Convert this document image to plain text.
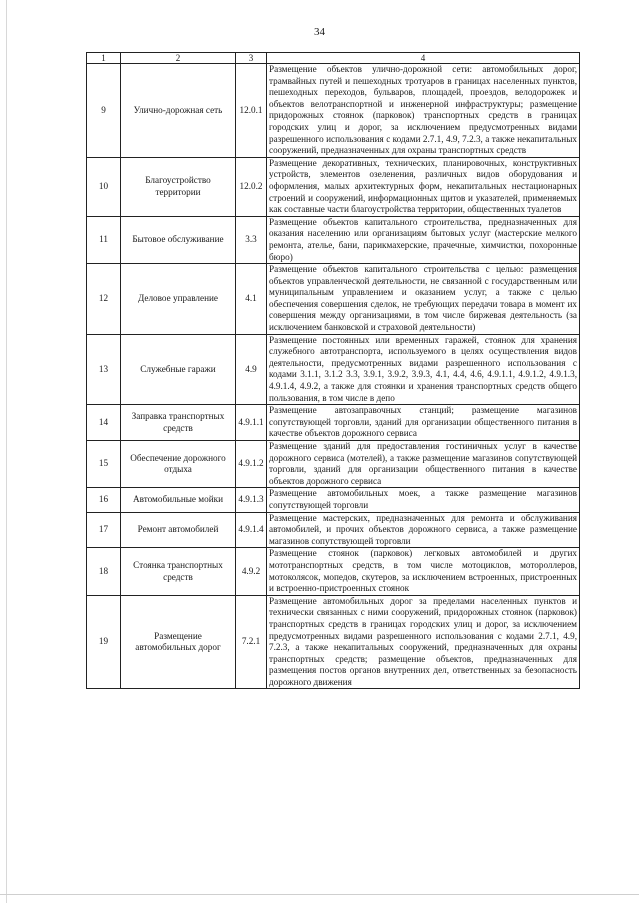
34
1	2	3	4
9	Улично-дорожная сеть	12.0.1	Размещение объектов улично-дорожной сети: автомобильных дорог, трамвайных путей и пешеходных тротуаров в границах населенных пунктов, пешеходных переходов, бульваров, площадей, проездов, велодорожек и объектов велотранспортной и инженерной инфраструктуры; размещение придорожных стоянок (парковок) транспортных средств в границах городских улиц и дорог, за исключением предусмотренных видами разрешенного использования с кодами 2.7.1, 4.9, 7.2.3, а также некапитальных сооружений, предназначенных для охраны транспортных средств
10	Благоустройство территории	12.0.2	Размещение декоративных, технических, планировочных, конструктивных устройств, элементов озеленения, различных видов оборудования и оформления, малых архитектурных форм, некапитальных нестационарных строений и сооружений, информационных щитов и указателей, применяемых как составные части благоустройства территории, общественных туалетов
11	Бытовое обслуживание	3.3	Размещение объектов капитального строительства, предназначенных для оказания населению или организациям бытовых услуг (мастерские мелкого ремонта, ателье, бани, парикмахерские, прачечные, химчистки, похоронные бюро)
12	Деловое управление	4.1	Размещение объектов капитального строительства с целью: размещения объектов управленческой деятельности, не связанной с государственным или муниципальным управлением и оказанием услуг, а также с целью обеспечения совершения сделок, не требующих передачи товара в момент их совершения между организациями, в том числе биржевая деятельность (за исключением банковской и страховой деятельности)
13	Служебные гаражи	4.9	Размещение постоянных или временных гаражей, стоянок для хранения служебного автотранспорта, используемого в целях осуществления видов деятельности, предусмотренных видами разрешенного использования с кодами 3.1.1, 3.1.2 3.3, 3.9.1, 3.9.2, 3.9.3, 4.1, 4.4, 4.6, 4.9.1.1, 4.9.1.2, 4.9.1.3, 4.9.1.4, 4.9.2, а также для стоянки и хранения транспортных средств общего пользования, в том числе в депо
14	Заправка транспортных средств	4.9.1.1	Размещение автозаправочных станций; размещение магазинов сопутствующей торговли, зданий для организации общественного питания в качестве объектов дорожного сервиса
15	Обеспечение дорожного отдыха	4.9.1.2	Размещение зданий для предоставления гостиничных услуг в качестве дорожного сервиса (мотелей), а также размещение магазинов сопутствующей торговли, зданий для организации общественного питания в качестве объектов дорожного сервиса
16	Автомобильные мойки	4.9.1.3	Размещение автомобильных моек, а также размещение магазинов сопутствующей торговли
17	Ремонт автомобилей	4.9.1.4	Размещение мастерских, предназначенных для ремонта и обслуживания автомобилей, и прочих объектов дорожного сервиса, а также размещение магазинов сопутствующей торговли
18	Стоянка транспортных средств	4.9.2	Размещение стоянок (парковок) легковых автомобилей и других мототранспортных средств, в том числе мотоциклов, мотороллеров, мотоколясок, мопедов, скутеров, за исключением встроенных, пристроенных и встроенно-пристроенных стоянок
19	Размещение автомобильных дорог	7.2.1	Размещение автомобильных дорог за пределами населенных пунктов и технически связанных с ними сооружений, придорожных стоянок (парковок) транспортных средств в границах городских улиц и дорог, за исключением предусмотренных видами разрешенного использования с кодами 2.7.1, 4.9, 7.2.3, а также некапитальных сооружений, предназначенных для охраны транспортных средств; размещение объектов, предназначенных для размещения постов органов внутренних дел, ответственных за безопасность дорожного движения
